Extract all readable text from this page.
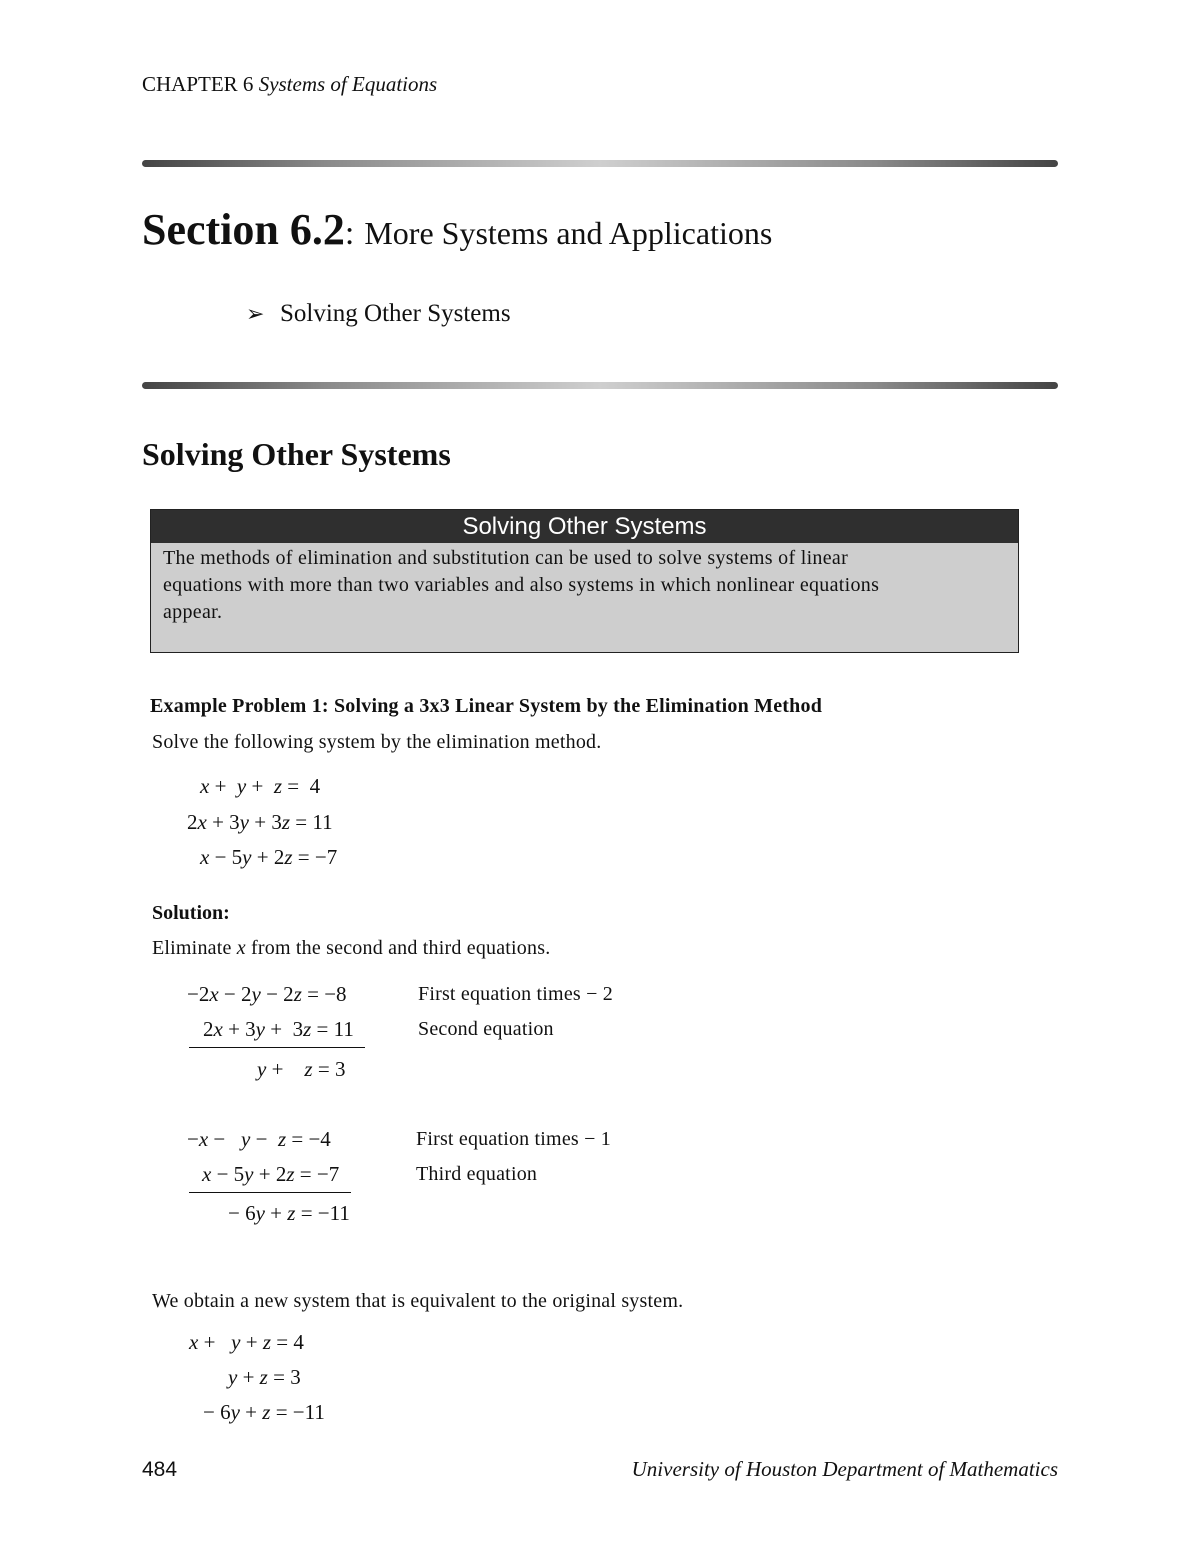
CHAPTER 6 Systems of Equations
Section 6.2: More Systems and Applications
➢ Solving Other Systems
Solving Other Systems
Solving Other Systems
The methods of elimination and substitution can be used to solve systems of linear
equations with more than two variables and also systems in which nonlinear equations
appear.
Example Problem 1: Solving a 3x3 Linear System by the Elimination Method
Solve the following system by the elimination method.
x +  y +  z =  4
2x + 3y + 3z = 11
x − 5y + 2z = −7
Solution:
Eliminate x from the second and third equations.
−2x − 2y − 2z = −8	First equation times − 2
2x + 3y +  3z = 11	Second equation
y +    z = 3
−x −   y −  z = −4	First equation times − 1
x − 5y + 2z = −7	Third equation
− 6y + z = −11
We obtain a new system that is equivalent to the original system.
x +   y + z = 4
y + z = 3
− 6y + z = −11
484	University of Houston Department of Mathematics
